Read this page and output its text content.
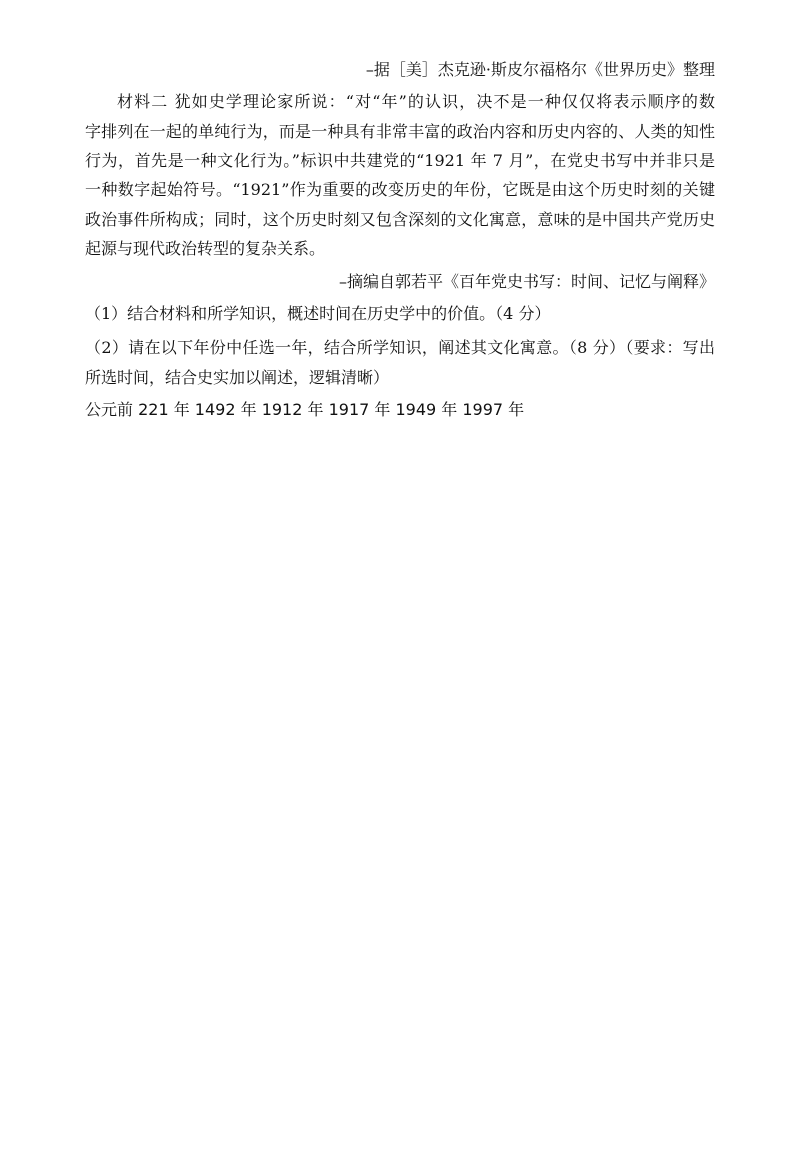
–据［美］杰克逊·斯皮尔福格尔《世界历史》整理
材料二 犹如史学理论家所说：“对“年”的认识，决不是一种仅仅将表示顺序的数
字排列在一起的单纯行为，而是一种具有非常丰富的政治内容和历史内容的、人类的知性
行为，首先是一种文化行为。”标识中共建党的“1921 年 7 月”，在党史书写中并非只是
一种数字起始符号。“1921”作为重要的改变历史的年份，它既是由这个历史时刻的关键
政治事件所构成；同时，这个历史时刻又包含深刻的文化寓意，意味的是中国共产党历史
起源与现代政治转型的复杂关系。
–摘编自郭若平《百年党史书写：时间、记忆与阐释》
（1）结合材料和所学知识，概述时间在历史学中的价值。（4 分）
（2）请在以下年份中任选一年，结合所学知识，阐述其文化寓意。（8 分）（要求：写出
所选时间，结合史实加以阐述，逻辑清晰）
公元前 221 年 1492 年 1912 年 1917 年 1949 年 1997 年
